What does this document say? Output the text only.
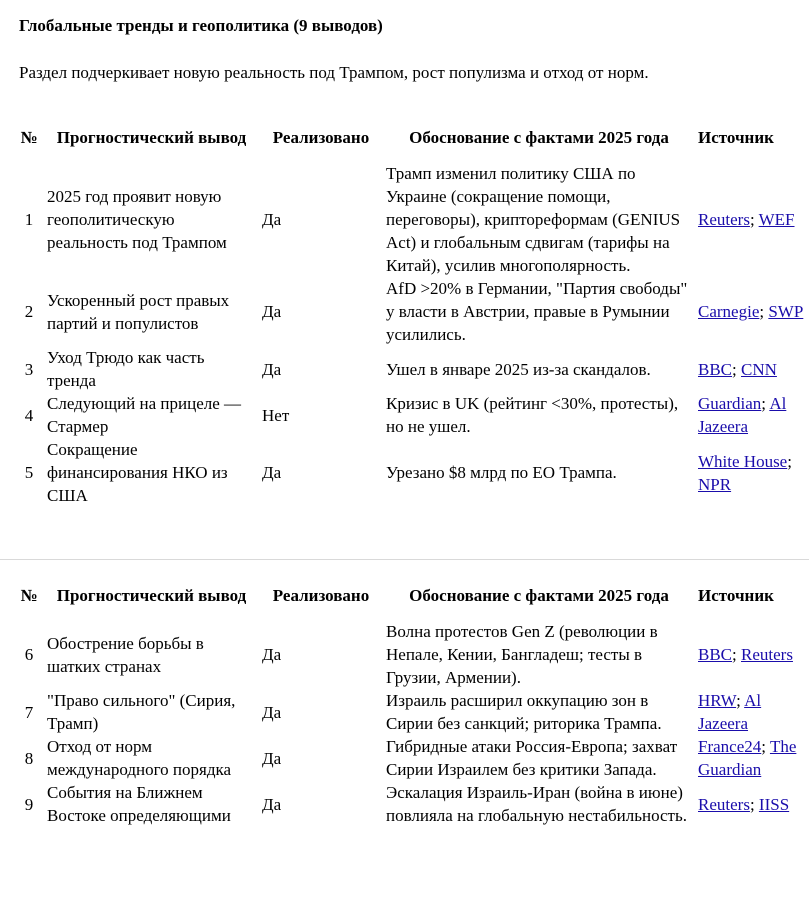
Глобальные тренды и геополитика (9 выводов)
Раздел подчеркивает новую реальность под Трампом, рост популизма и отход от норм.
№	Прогностический вывод	Реализовано	Обоснование с фактами 2025 года	Источник
1	2025 год проявит новую геополитическую реальность под Трампом	Да	Трамп изменил политику США по Украине (сокращение помощи, переговоры), криптореформам (GENIUS Act) и глобальным сдвигам (тарифы на Китай), усилив многополярность.	Reuters; WEF
2	Ускоренный рост правых партий и популистов	Да	AfD >20% в Германии, "Партия свободы" у власти в Австрии, правые в Румынии усилились.	Carnegie; SWP
3	Уход Трюдо как часть тренда	Да	Ушел в январе 2025 из-за скандалов.	BBC; CNN
4	Следующий на прицеле — Стармер	Нет	Кризис в UK (рейтинг <30%, протесты), но не ушел.	Guardian; Al Jazeera
5	Сокращение финансирования НКО из США	Да	Урезано $8 млрд по ЕО Трампа.	White House; NPR
№	Прогностический вывод	Реализовано	Обоснование с фактами 2025 года	Источник
6	Обострение борьбы в шатких странах	Да	Волна протестов Gen Z (революции в Непале, Кении, Бангладеш; тесты в Грузии, Армении).	BBC; Reuters
7	"Право сильного" (Сирия, Трамп)	Да	Израиль расширил оккупацию зон в Сирии без санкций; риторика Трампа.	HRW; Al Jazeera
8	Отход от норм международного порядка	Да	Гибридные атаки Россия-Европа; захват Сирии Израилем без критики Запада.	France24; The Guardian
9	События на Ближнем Востоке определяющими	Да	Эскалация Израиль-Иран (война в июне) повлияла на глобальную нестабильность.	Reuters; IISS
